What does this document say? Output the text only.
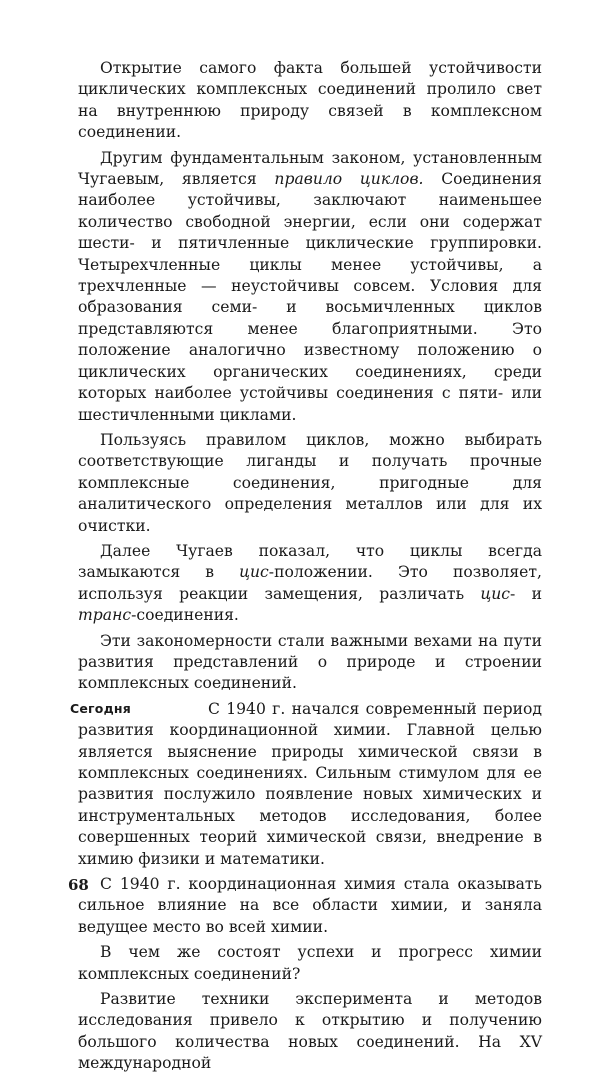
Открытие самого факта большей устойчивости циклических комплексных соединений пролило свет на внутреннюю природу связей в комплексном соединении.

Другим фундаментальным законом, установленным Чугаевым, является правило циклов. Соединения наиболее устойчивы, заключают наименьшее количество свободной энергии, если они содержат шести- и пятичленные циклические группировки. Четырехчленные циклы менее устойчивы, а трехчленные — неустойчивы совсем. Условия для образования семи- и восьмичленных циклов представляются менее благоприятными. Это положение аналогично известному положению о циклических органических соединениях, среди которых наиболее устойчивы соединения с пяти- или шестичленными циклами.

Пользуясь правилом циклов, можно выбирать соответствующие лиганды и получать прочные комплексные соединения, пригодные для аналитического определения металлов или для их очистки.

Далее Чугаев показал, что циклы всегда замыкаются в цис-положении. Это позволяет, используя реакции замещения, различать цис- и транс-соединения.

Эти закономерности стали важными вехами на пути развития представлений о природе и строении комплексных соединений.

Сегодня	С 1940 г. начался современный период развития координационной химии. Главной целью является выяснение природы химической связи в комплексных соединениях. Сильным стимулом для ее развития послужило появление новых химических и инструментальных методов исследования, более совершенных теорий химической связи, внедрение в химию физики и математики.

С 1940 г. координационная химия стала оказывать сильное влияние на все области химии, и заняла ведущее место во всей химии.

В чем же состоят успехи и прогресс химии комплексных соединений?

Развитие техники эксперимента и методов исследования привело к открытию и получению большого количества новых соединений. На XV международной

68
